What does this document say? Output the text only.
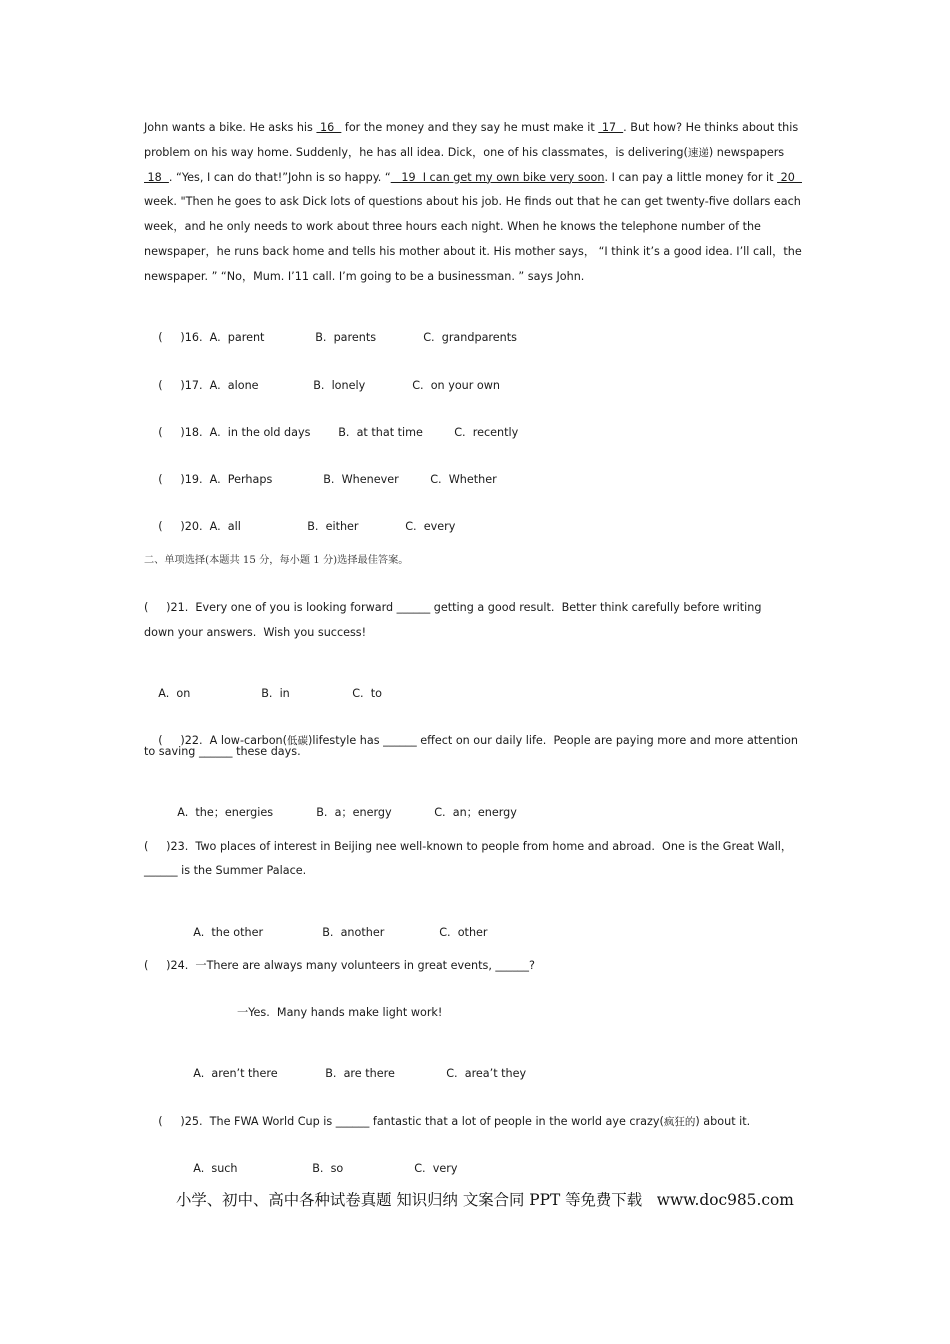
John wants a bike. He asks his  16   for the money and they say he must make it  17  . But how? He thinks about this problem on his way home. Suddenly，he has all idea. Dick，one of his classmates，is delivering(速递) newspapers  18  . “Yes, I can do that!”John is so happy. “   19  I can get my own bike very soon. I can pay a little money for it  20   week. "Then he goes to ask Dick lots of questions about his job. He finds out that he can get twenty-five dollars each week，and he only needs to work about three hours each night. When he knows the telephone number of the newspaper，he runs back home and tells his mother about it. His mother says， “I think it’s a good idea. I’ll call，the newspaper. ” “No，Mum. I’11 call. I’m going to be a businessman. ” says John.

(     )16.  A.  parent	B.  parents	C.  grandparents

(     )17.  A.  alone	B.  lonely	C.  on your own

(     )18.  A.  in the old days B.  at that time	C.  recently

(     )19.  A.  Perhaps	B.  Whenever	C.  Whether

(     )20.  A.  all	B.  either	C.  every

二、单项选择(本题共 15 分，每小题 1 分)选择最佳答案。
(     )21.  Every one of you is looking forward ______ getting a good result.  Better think carefully before writing
down your answers.  Wish you success!

A.  on	B.  in	C.  to

(     )22.  A low-carbon(低碳)lifestyle has ______ effect on our daily life.  People are paying more and more attention

to saving ______ these days.

A.  the；energies	B.  a；energy	C.  an；energy

(     )23.  Two places of interest in Beijing nee well-known to people from home and abroad.  One is the Great Wall，
______ is the Summer Palace.

A.  the other	B.  another	C.  other

(     )24.  一There are always many volunteers in great events, ______?
一Yes.  Many hands make light work!

A.  aren’t there	B.  are there	C.  area’t they

(     )25.  The FWA World Cup is ______ fantastic that a lot of people in the world aye crazy(疯狂的) about it.

A.  such	B.  so	C.  very

小学、初中、高中各种试卷真题 知识归纳 文案合同 PPT 等免费下载   www.doc985.com
